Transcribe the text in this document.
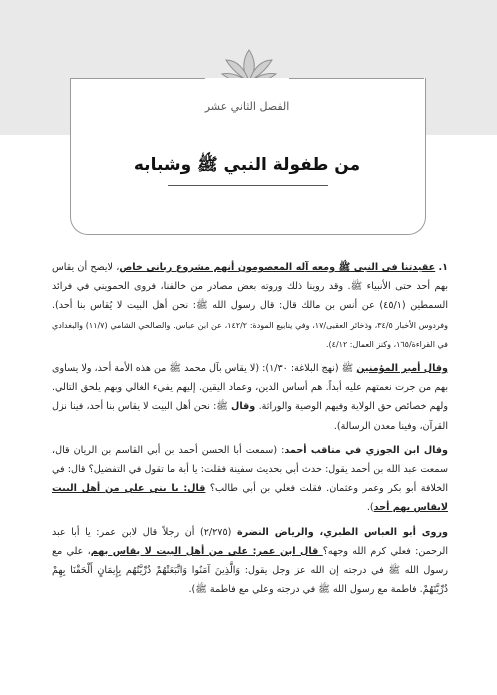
الفصل الثاني عشر
من طفولة النبي ﷺ وشبابه

١. عقيدتنا في النبي ﷺ ومعه آله المعصومون أنهم مشروع رباني خاص، لايصح أن يقاس بهم أحد حتى الأنبياء ﷺ. وقد روينا ذلك وروته بعض مصادر من خالفنا، فروى الحمويني في فرائد السمطين (٤٥/١) عن أنس بن مالك قال: قال رسول الله ﷺ: نحن أهل البيت لا يُقاس بنا أحد). وفردوس الأخبار ٣٤/٥، وذخائر العقبى/١٧، وفي ينابيع المودة: ١٤٢/٢، عن ابن عباس. والصالحي الشامي (١١/٧) والبغدادي في القراءة/١٦٥، وكنز العمال: ٤/١٢).

وقال أمير المؤمنين ﷺ (نهج البلاغة: ١/٣٠): (لا يقاس بآل محمد ﷺ من هذه الأمة أحد، ولا يساوى بهم من جرت نعمتهم عليه أبداً. هم أساس الدين، وعماد اليقين. إليهم يفيء الغالي وبهم يلحق التالي. ولهم خصائص حق الولاية وفيهم الوصية والوراثة. وقال ﷺ: نحن أهل البيت لا يقاس بنا أحد، فينا نزل القرآن، وفينا معدن الرسالة).

وقال ابن الجوزي في مناقب أحمد: (سمعت أبا الحسن أحمد بن أبي القاسم بن الريان قال، سمعت عبد الله بن أحمد يقول: حدث أبي بحديث سفينة فقلت: يا أبة ما تقول في التفضيل؟ قال: في الخلافة أبو بكر وعمر وعثمان. فقلت فعلي بن أبي طالب؟ قال: يا بني علي من أهل البيت لايقاس بهم أحد).

وروى أبو العباس الطبري، والرياض النضرة (٢/٢٧٥) أن رجلاً قال لابن عمر: يا أبا عبد الرحمن: فعلي كرم الله وجهه؟ قال ابن عمر: علي من أهل البيت لا يقاس بهم، علي مع رسول الله ﷺ في درجته إن الله عز وجل يقول: وَالَّذِينَ آمَنُوا وَاتَّبَعَتْهُمْ ذُرِّيَّتُهُم بِإِيمَانٍ أَلْحَقْنَا بِهِمْ ذُرِّيَّتَهُمْ. فاطمة مع رسول الله ﷺ في درجته وعلي مع فاطمة ﷺ).
